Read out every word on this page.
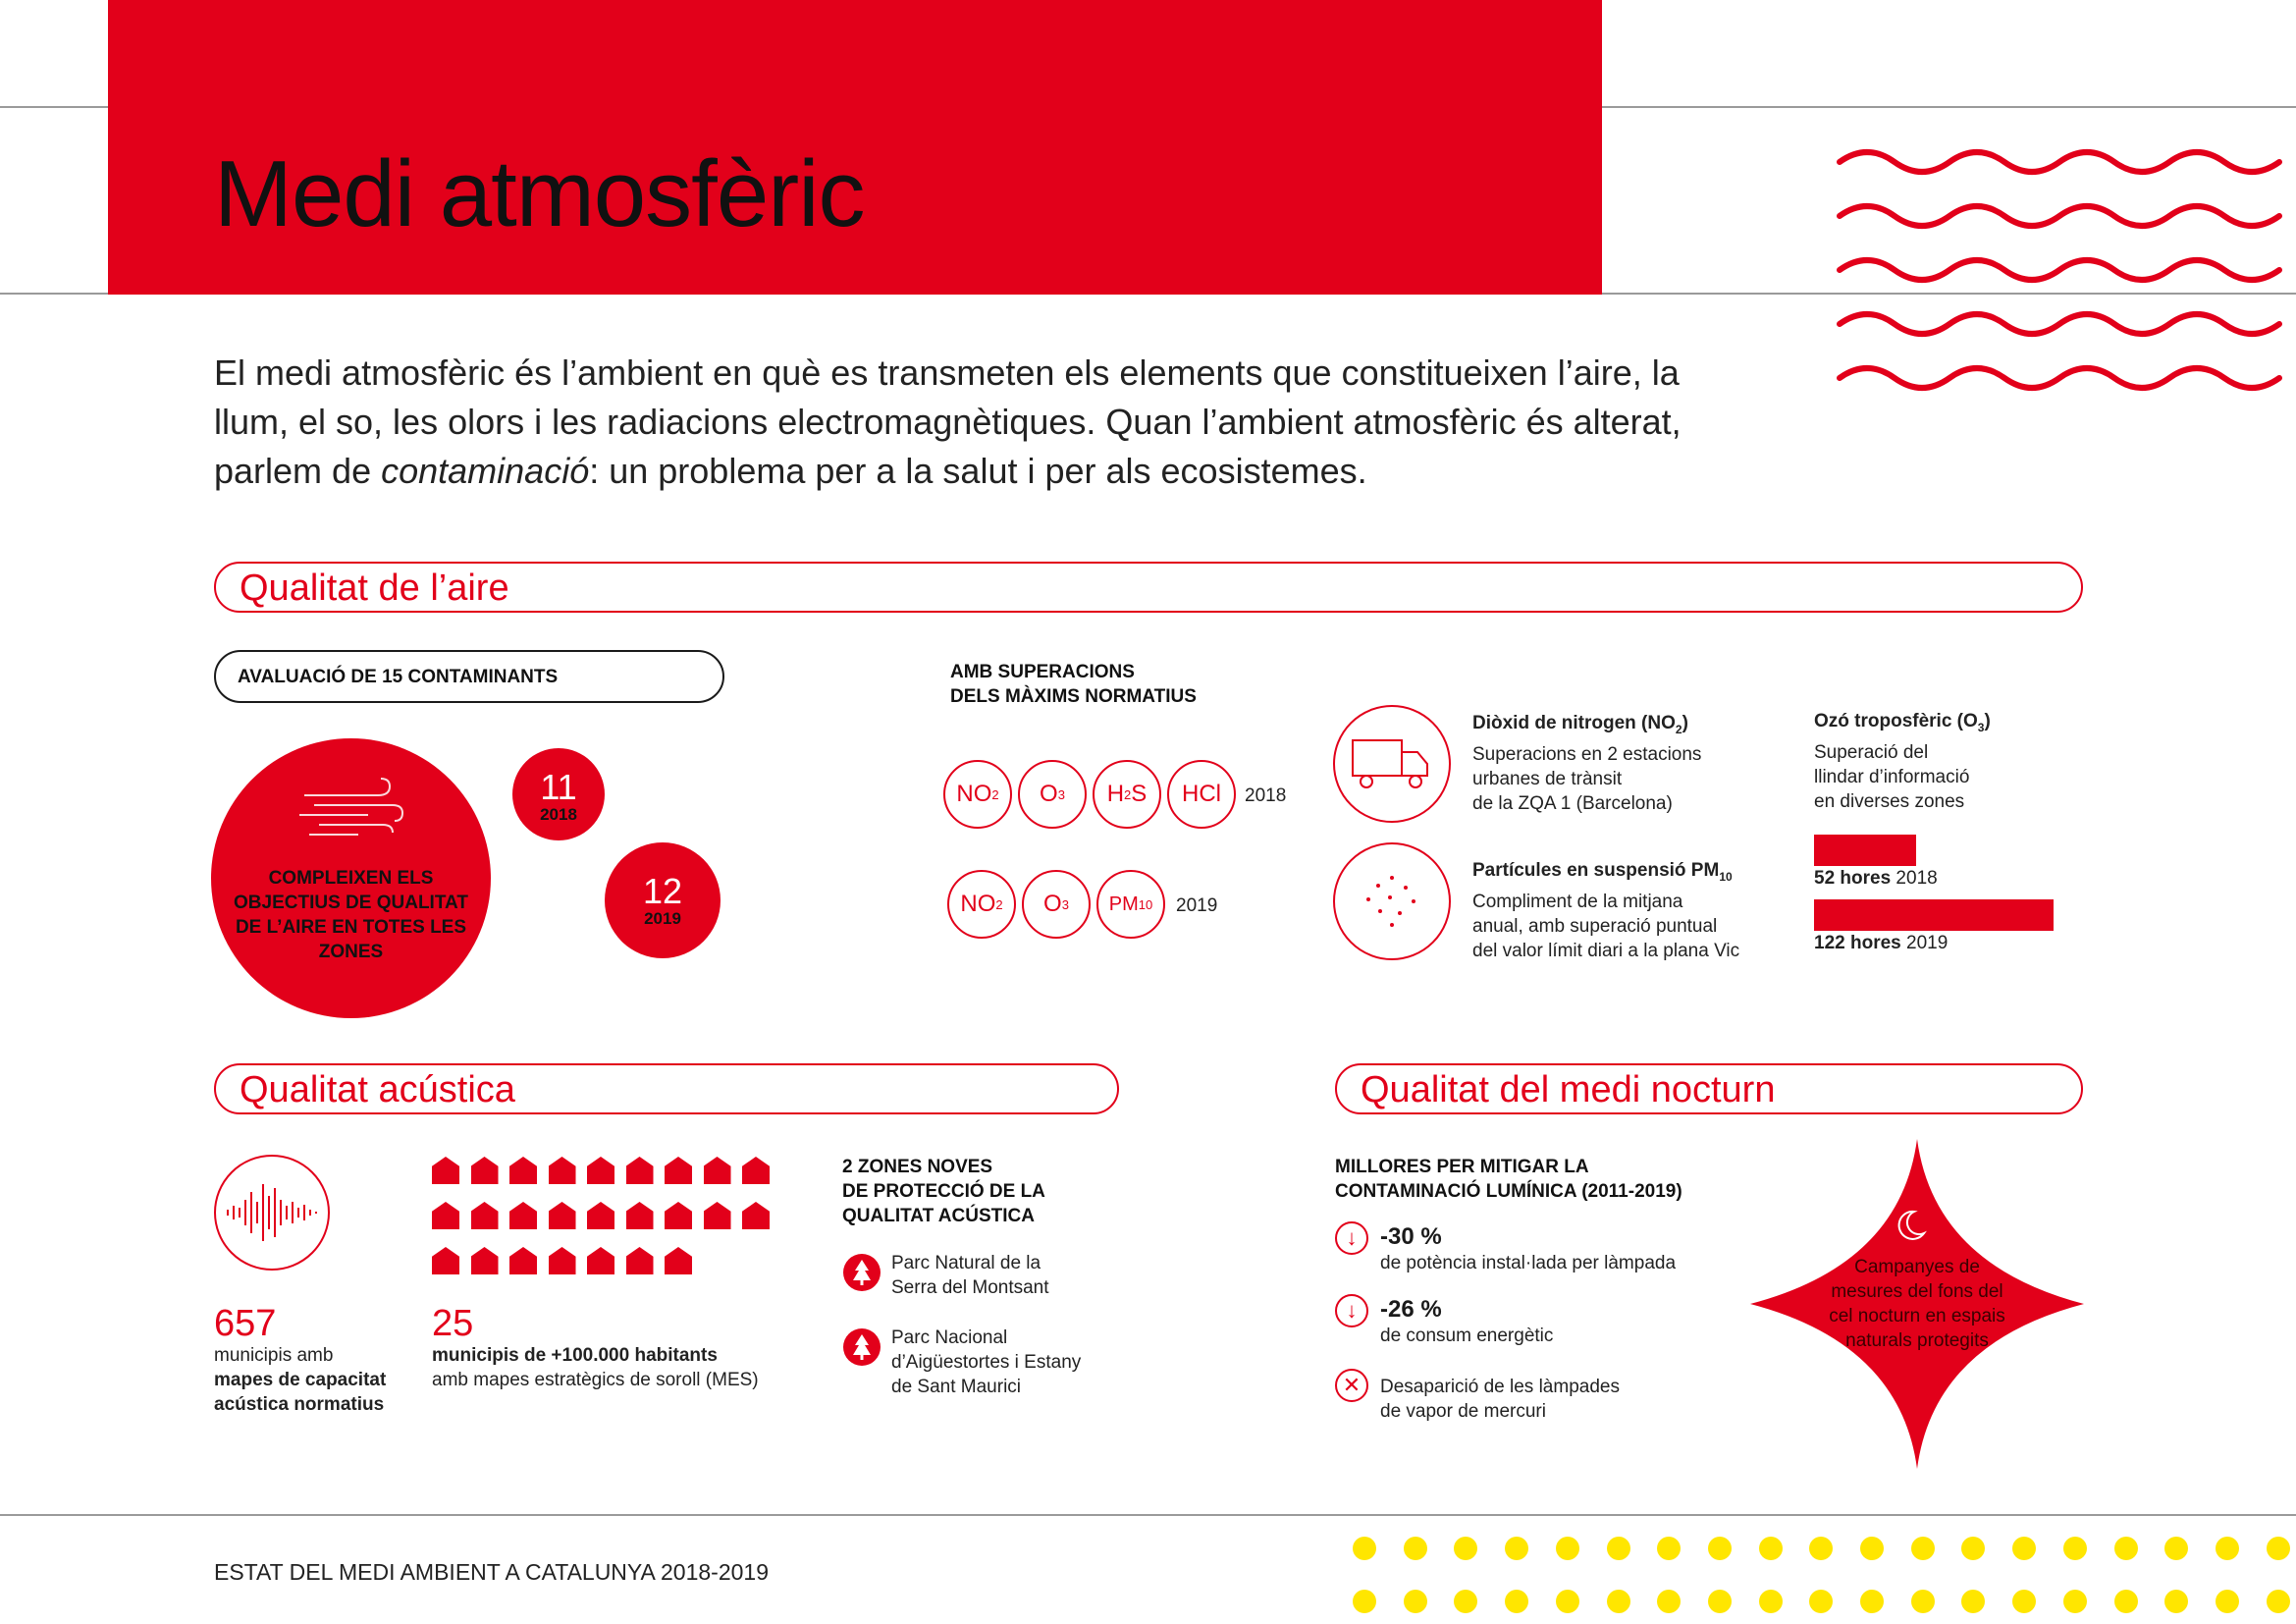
Medi atmosfèric
El medi atmosfèric és l’ambient en què es transmeten els elements que constitueixen l’aire, la llum, el so, les olors i les radiacions electromagnètiques. Quan l’ambient atmosfèric és alterat, parlem de contaminació: un problema per a la salut i per als ecosistemes.
Qualitat de l’aire
AVALUACIÓ DE 15 CONTAMINANTS
COMPLEIXEN ELS OBJECTIUS DE QUALITAT DE L’AIRE EN TOTES LES ZONES
11
2018
12
2019
AMB SUPERACIONS
DELS MÀXIMS NORMATIUS
NO 2	O 3	H 2 S	HCl	2018
NO 2	O 3	PM 10 2019
Diòxid de nitrogen $(NO_2)$
Superacions en 2 estacions
urbanes de trànsit
de la ZQA 1 (Barcelona)
Partícules en suspensió $PM_{10}$
Compliment de la mitjana
anual, amb superació puntual
del valor límit diari a la plana Vic
Ozó troposfèric $(O_3)$
Superació del
llindar d’informació
en diverses zones
52 hores 2018
122 hores 2019
Qualitat acústica
657
municipis amb
mapes de capacitat
acústica normatius
25
municipis de +100.000 habitants
amb mapes estratègics de soroll (MES)
2 ZONES NOVES
DE PROTECCIÓ DE LA
QUALITAT ACÚSTICA
Parc Natural de la
Serra del Montsant
Parc Nacional
d’Aigüestortes i Estany
de Sant Maurici
Qualitat del medi nocturn
MILLORES PER MITIGAR LA
CONTAMINACIÓ LUMÍNICA (2011-2019)
↓ -30 %
de potència instal·lada per làmpada
↓ -26 %
de consum energètic
✕	Desaparició de les làmpades
de vapor de mercuri
Campanyes de mesures del fons del cel nocturn en espais naturals protegits
ESTAT DEL MEDI AMBIENT A CATALUNYA 2018-2019
